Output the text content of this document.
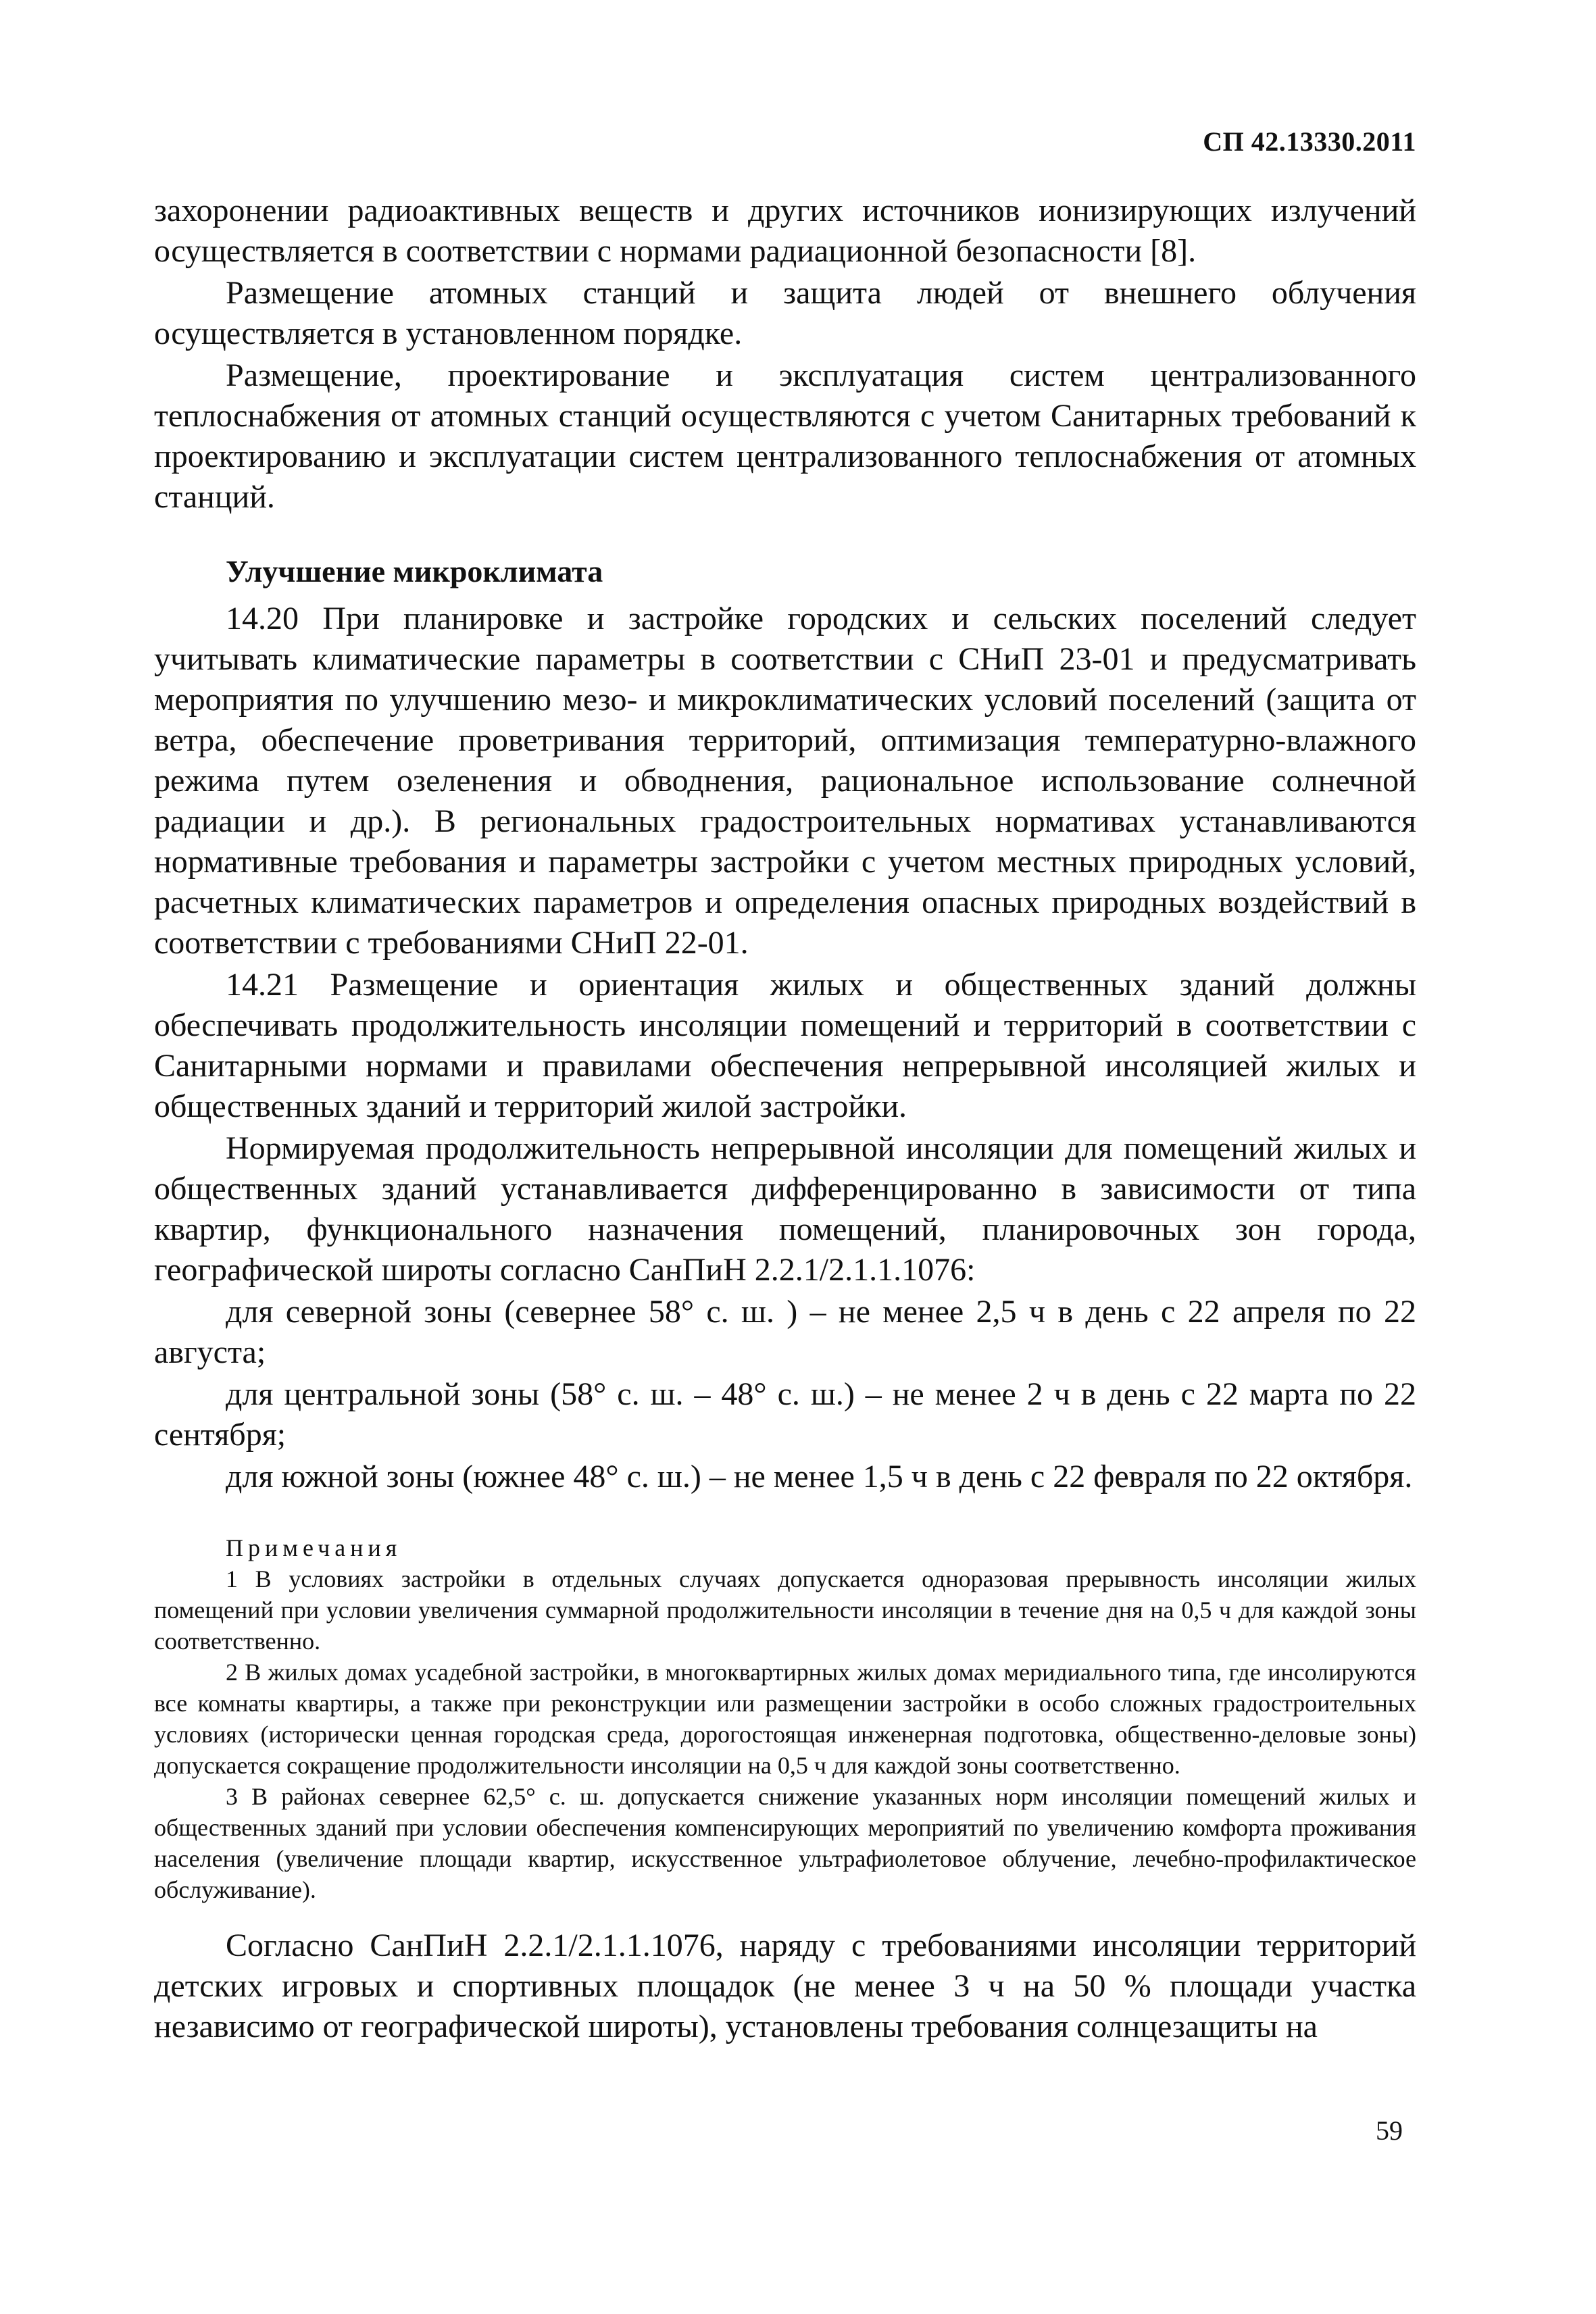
СП 42.13330.2011

захоронении радиоактивных веществ и других источников ионизирующих излучений осуществляется в соответствии с нормами радиационной безопасности [8].

Размещение атомных станций и защита людей от внешнего облучения осуществляется в установленном порядке.

Размещение, проектирование и эксплуатация систем централизованного теплоснабжения от атомных станций осуществляются с учетом Санитарных требований к проектированию и эксплуатации систем централизованного теплоснабжения от атомных станций.

Улучшение микроклимата

14.20 При планировке и застройке городских и сельских поселений следует учитывать климатические параметры в соответствии с СНиП 23-01 и предусматривать мероприятия по улучшению мезо- и микроклиматических условий поселений (защита от ветра, обеспечение проветривания территорий, оптимизация температурно-влажного режима путем озеленения и обводнения, рациональное использование солнечной радиации и др.). В региональных градостроительных нормативах устанавливаются нормативные требования и параметры застройки с учетом местных природных условий, расчетных климатических параметров и определения опасных природных воздействий в соответствии с требованиями СНиП 22-01.

14.21 Размещение и ориентация жилых и общественных зданий должны обеспечивать продолжительность инсоляции помещений и территорий в соответствии с Санитарными нормами и правилами обеспечения непрерывной инсоляцией жилых и общественных зданий и территорий жилой застройки.

Нормируемая продолжительность непрерывной инсоляции для помещений жилых и общественных зданий устанавливается дифференцированно в зависимости от типа квартир, функционального назначения помещений, планировочных зон города, географической широты согласно СанПиН 2.2.1/2.1.1.1076:

для северной зоны (севернее 58° с. ш. ) – не менее 2,5 ч в день с 22 апреля по 22 августа;

для центральной зоны (58° с. ш. – 48° с. ш.) – не менее 2 ч в день с 22 марта по 22 сентября;

для южной зоны (южнее 48° с. ш.) – не менее 1,5 ч в день с 22 февраля по 22 октября.

Примечания

1 В условиях застройки в отдельных случаях допускается одноразовая прерывность инсоляции жилых помещений при условии увеличения суммарной продолжительности инсоляции в течение дня на 0,5 ч для каждой зоны соответственно.

2 В жилых домах усадебной застройки, в многоквартирных жилых домах меридиального типа, где инсолируются все комнаты квартиры, а также при реконструкции или размещении застройки в особо сложных градостроительных условиях (исторически ценная городская среда, дорогостоящая инженерная подготовка, общественно-деловые зоны) допускается сокращение продолжительности инсоляции на 0,5 ч для каждой зоны соответственно.

3 В районах севернее 62,5° с. ш. допускается снижение указанных норм инсоляции помещений жилых и общественных зданий при условии обеспечения компенсирующих мероприятий по увеличению комфорта проживания населения (увеличение площади квартир, искусственное ультрафиолетовое облучение, лечебно-профилактическое обслуживание).

Согласно СанПиН 2.2.1/2.1.1.1076, наряду с требованиями инсоляции территорий детских игровых и спортивных площадок (не менее 3 ч на 50 % площади участка независимо от географической широты), установлены требования солнцезащиты на

59
